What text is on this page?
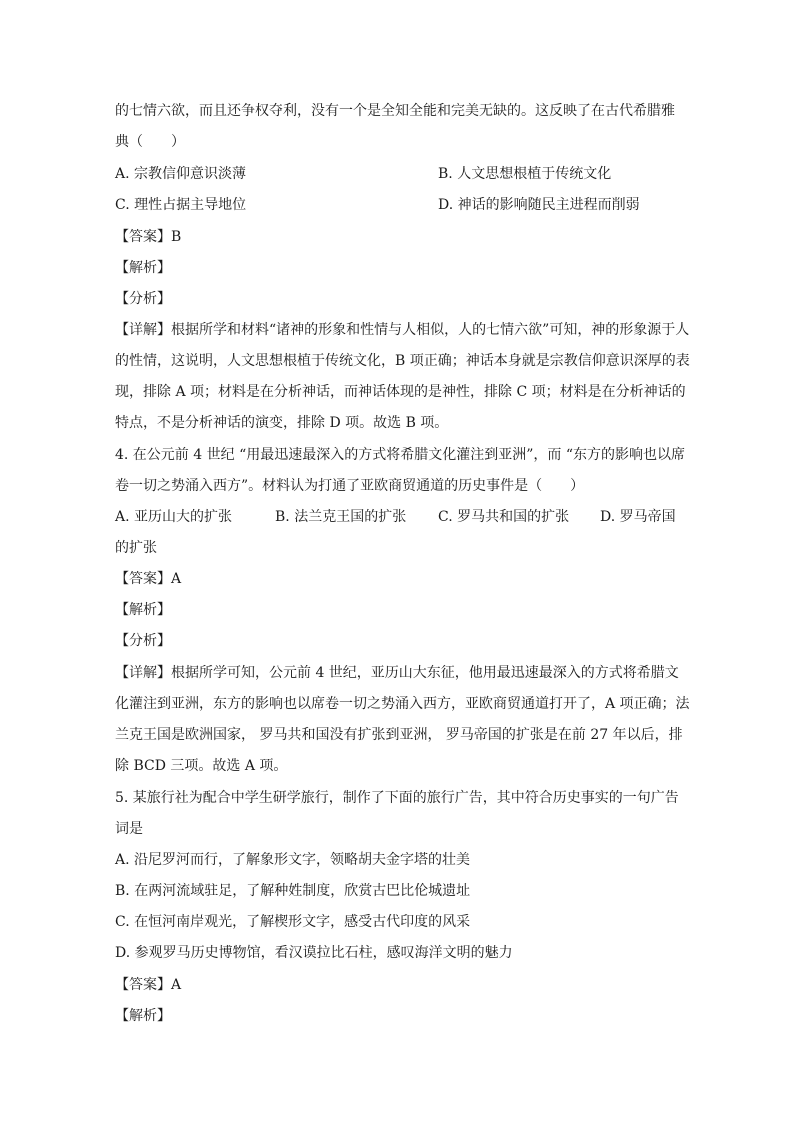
的七情六欲，而且还争权夺利，没有一个是全知全能和完美无缺的。这反映了在古代希腊雅
典（　　）
A. 宗教信仰意识淡薄	B. 人文思想根植于传统文化
C. 理性占据主导地位	D. 神话的影响随民主进程而削弱
【答案】B
【解析】
【分析】
【详解】根据所学和材料“诸神的形象和性情与人相似，人的七情六欲”可知，神的形象源于人
的性情，这说明，人文思想根植于传统文化，B 项正确；神话本身就是宗教信仰意识深厚的表
现，排除 A 项；材料是在分析神话，而神话体现的是神性，排除 C 项；材料是在分析神话的
特点，不是分析神话的演变，排除 D 项。故选 B 项。
4. 在公元前 4 世纪 “用最迅速最深入的方式将希腊文化灌注到亚洲”，而 “东方的影响也以席
卷一切之势涌入西方”。材料认为打通了亚欧商贸通道的历史事件是（　　）
A. 亚历山大的扩张	B. 法兰克王国的扩张 C. 罗马共和国的扩张 D. 罗马帝国
的扩张
【答案】A
【解析】
【分析】
【详解】根据所学可知，公元前 4 世纪，亚历山大东征，他用最迅速最深入的方式将希腊文
化灌注到亚洲，东方的影响也以席卷一切之势涌入西方，亚欧商贸通道打开了，A 项正确；法
兰克王国是欧洲国家， 罗马共和国没有扩张到亚洲， 罗马帝国的扩张是在前 27 年以后，排
除 BCD 三项。故选 A 项。
5. 某旅行社为配合中学生研学旅行，制作了下面的旅行广告，其中符合历史事实的一句广告
词是
A. 沿尼罗河而行，了解象形文字，领略胡夫金字塔的壮美
B. 在两河流域驻足，了解种姓制度，欣赏古巴比伦城遗址
C. 在恒河南岸观光，了解楔形文字，感受古代印度的风采
D. 参观罗马历史博物馆，看汉谟拉比石柱，感叹海洋文明的魅力
【答案】A
【解析】
